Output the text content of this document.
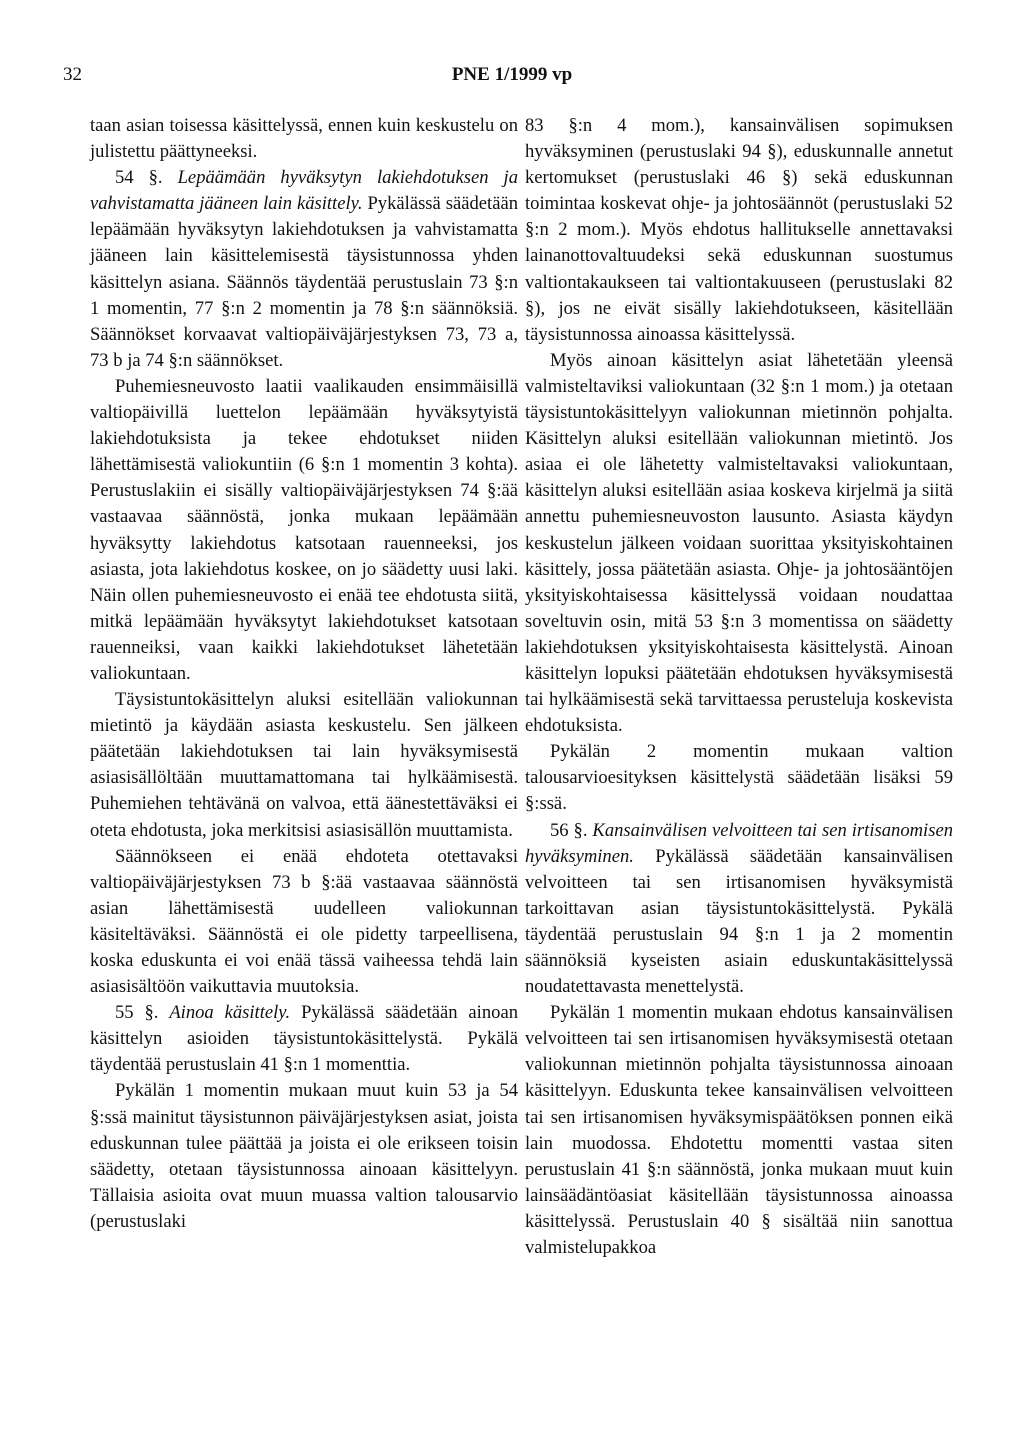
32	PNE 1/1999 vp

taan asian toisessa käsittelyssä, ennen kuin keskustelu on julistettu päättyneeksi.

54 §. Lepäämään hyväksytyn lakiehdotuksen ja vahvistamatta jääneen lain käsittely. Pykälässä säädetään lepäämään hyväksytyn lakiehdotuksen ja vahvistamatta jääneen lain käsittelemisestä täysistunnossa yhden käsittelyn asiana. Säännös täydentää perustuslain 73 §:n 1 momentin, 77 §:n 2 momentin ja 78 §:n säännöksiä. Säännökset korvaavat valtiopäiväjärjestyksen 73, 73 a, 73 b ja 74 §:n säännökset.

Puhemiesneuvosto laatii vaalikauden ensimmäisillä valtiopäivillä luettelon lepäämään hyväksytyistä lakiehdotuksista ja tekee ehdotukset niiden lähettämisestä valiokuntiin (6 §:n 1 momentin 3 kohta). Perustuslakiin ei sisälly valtiopäiväjärjestyksen 74 §:ää vastaavaa säännöstä, jonka mukaan lepäämään hyväksytty lakiehdotus katsotaan rauenneeksi, jos asiasta, jota lakiehdotus koskee, on jo säädetty uusi laki. Näin ollen puhemiesneuvosto ei enää tee ehdotusta siitä, mitkä lepäämään hyväksytyt lakiehdotukset katsotaan rauenneiksi, vaan kaikki lakiehdotukset lähetetään valiokuntaan.

Täysistuntokäsittelyn aluksi esitellään valiokunnan mietintö ja käydään asiasta keskustelu. Sen jälkeen päätetään lakiehdotuksen tai lain hyväksymisestä asiasisällöltään muuttamattomana tai hylkäämisestä. Puhemiehen tehtävänä on valvoa, että äänestettäväksi ei oteta ehdotusta, joka merkitsisi asiasisällön muuttamista.

Säännökseen ei enää ehdoteta otettavaksi valtiopäiväjärjestyksen 73 b §:ää vastaavaa säännöstä asian lähettämisestä uudelleen valiokunnan käsiteltäväksi. Säännöstä ei ole pidetty tarpeellisena, koska eduskunta ei voi enää tässä vaiheessa tehdä lain asiasisältöön vaikuttavia muutoksia.

55 §. Ainoa käsittely. Pykälässä säädetään ainoan käsittelyn asioiden täysistuntokäsittelystä. Pykälä täydentää perustuslain 41 §:n 1 momenttia.

Pykälän 1 momentin mukaan muut kuin 53 ja 54 §:ssä mainitut täysistunnon päiväjärjestyksen asiat, joista eduskunnan tulee päättää ja joista ei ole erikseen toisin säädetty, otetaan täysistunnossa ainoaan käsittelyyn. Tällaisia asioita ovat muun muassa valtion talousarvio (perustuslaki

83 §:n 4 mom.), kansainvälisen sopimuksen hyväksyminen (perustuslaki 94 §), eduskunnalle annetut kertomukset (perustuslaki 46 §) sekä eduskunnan toimintaa koskevat ohje- ja johtosäännöt (perustuslaki 52 §:n 2 mom.). Myös ehdotus hallitukselle annettavaksi lainanottovaltuudeksi sekä eduskunnan suostumus valtiontakaukseen tai valtiontakuuseen (perustuslaki 82 §), jos ne eivät sisälly lakiehdotukseen, käsitellään täysistunnossa ainoassa käsittelyssä.

Myös ainoan käsittelyn asiat lähetetään yleensä valmisteltaviksi valiokuntaan (32 §:n 1 mom.) ja otetaan täysistuntokäsittelyyn valiokunnan mietinnön pohjalta. Käsittelyn aluksi esitellään valiokunnan mietintö. Jos asiaa ei ole lähetetty valmisteltavaksi valiokuntaan, käsittelyn aluksi esitellään asiaa koskeva kirjelmä ja siitä annettu puhemiesneuvoston lausunto. Asiasta käydyn keskustelun jälkeen voidaan suorittaa yksityiskohtainen käsittely, jossa päätetään asiasta. Ohje- ja johtosääntöjen yksityiskohtaisessa käsittelyssä voidaan noudattaa soveltuvin osin, mitä 53 §:n 3 momentissa on säädetty lakiehdotuksen yksityiskohtaisesta käsittelystä. Ainoan käsittelyn lopuksi päätetään ehdotuksen hyväksymisestä tai hylkäämisestä sekä tarvittaessa perusteluja koskevista ehdotuksista.

Pykälän 2 momentin mukaan valtion talousarvioesityksen käsittelystä säädetään lisäksi 59 §:ssä.

56 §. Kansainvälisen velvoitteen tai sen irtisanomisen hyväksyminen. Pykälässä säädetään kansainvälisen velvoitteen tai sen irtisanomisen hyväksymistä tarkoittavan asian täysistuntokäsittelystä. Pykälä täydentää perustuslain 94 §:n 1 ja 2 momentin säännöksiä kyseisten asiain eduskuntakäsittelyssä noudatettavasta menettelystä.

Pykälän 1 momentin mukaan ehdotus kansainvälisen velvoitteen tai sen irtisanomisen hyväksymisestä otetaan valiokunnan mietinnön pohjalta täysistunnossa ainoaan käsittelyyn. Eduskunta tekee kansainvälisen velvoitteen tai sen irtisanomisen hyväksymispäätöksen ponnen eikä lain muodossa. Ehdotettu momentti vastaa siten perustuslain 41 §:n säännöstä, jonka mukaan muut kuin lainsäädäntöasiat käsitellään täysistunnossa ainoassa käsittelyssä. Perustuslain 40 § sisältää niin sanottua valmistelupakkoa
